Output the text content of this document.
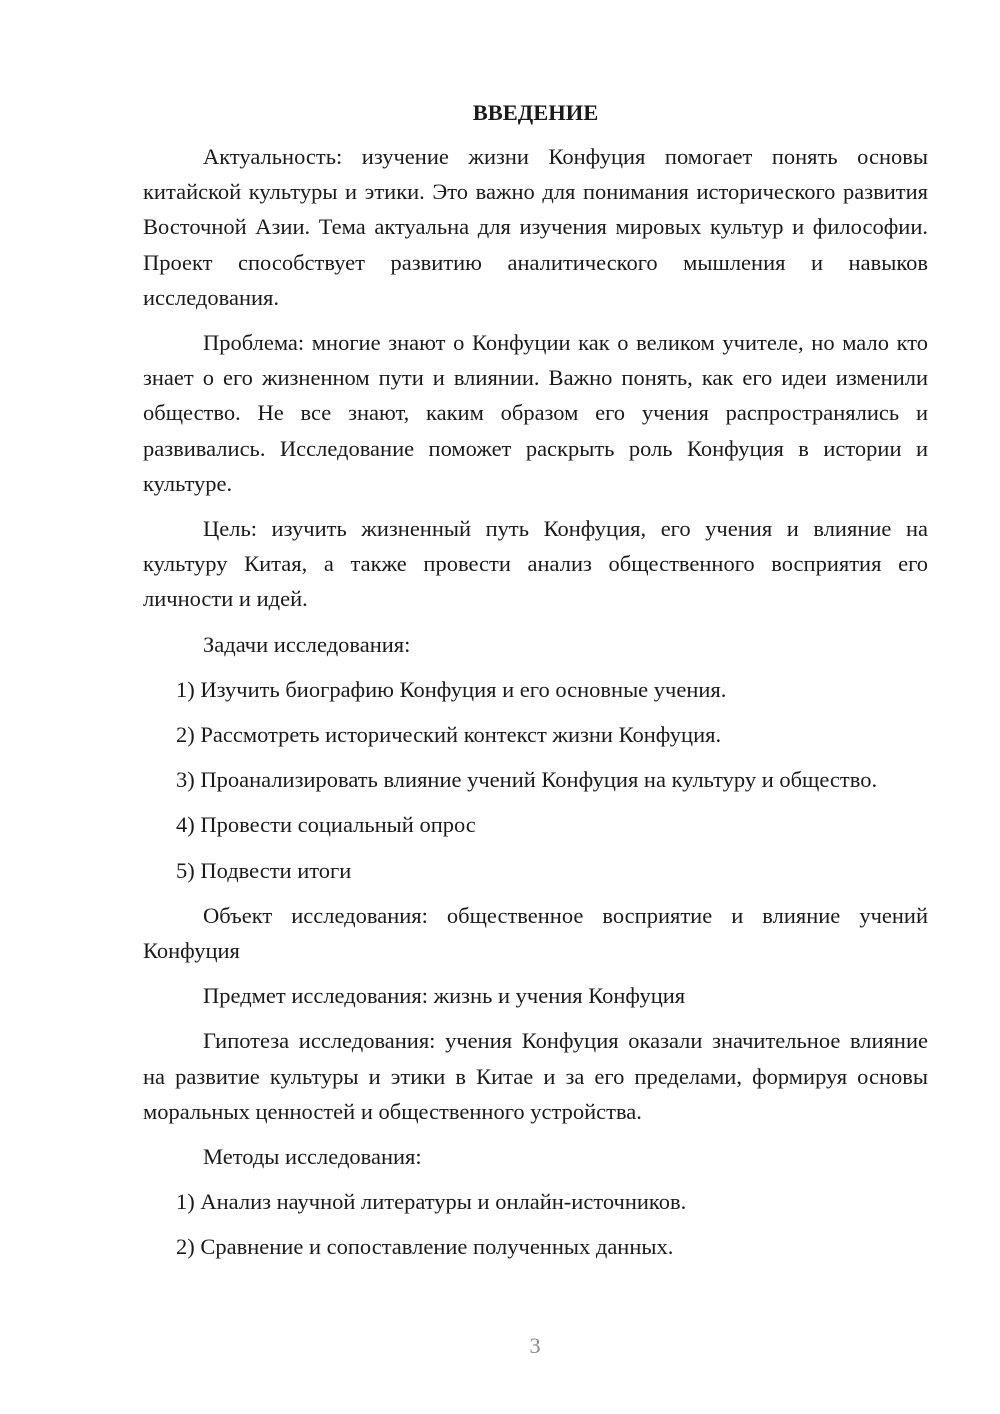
ВВЕДЕНИЕ
Актуальность: изучение жизни Конфуция помогает понять основы китайской культуры и этики. Это важно для понимания исторического развития Восточной Азии. Тема актуальна для изучения мировых культур и философии. Проект способствует развитию аналитического мышления и навыков исследования.
Проблема: многие знают о Конфуции как о великом учителе, но мало кто знает о его жизненном пути и влиянии. Важно понять, как его идеи изменили общество. Не все знают, каким образом его учения распространялись и развивались. Исследование поможет раскрыть роль Конфуция в истории и культуре.
Цель: изучить жизненный путь Конфуция, его учения и влияние на культуру Китая, а также провести анализ общественного восприятия его личности и идей.
Задачи исследования:
1) Изучить биографию Конфуция и его основные учения.
2) Рассмотреть исторический контекст жизни Конфуция.
3) Проанализировать влияние учений Конфуция на культуру и общество.
4) Провести социальный опрос
5) Подвести итоги
Объект исследования: общественное восприятие и влияние учений Конфуция
Предмет исследования: жизнь и учения Конфуция
Гипотеза исследования: учения Конфуция оказали значительное влияние на развитие культуры и этики в Китае и за его пределами, формируя основы моральных ценностей и общественного устройства.
Методы исследования:
1) Анализ научной литературы и онлайн-источников.
2) Сравнение и сопоставление полученных данных.
3
